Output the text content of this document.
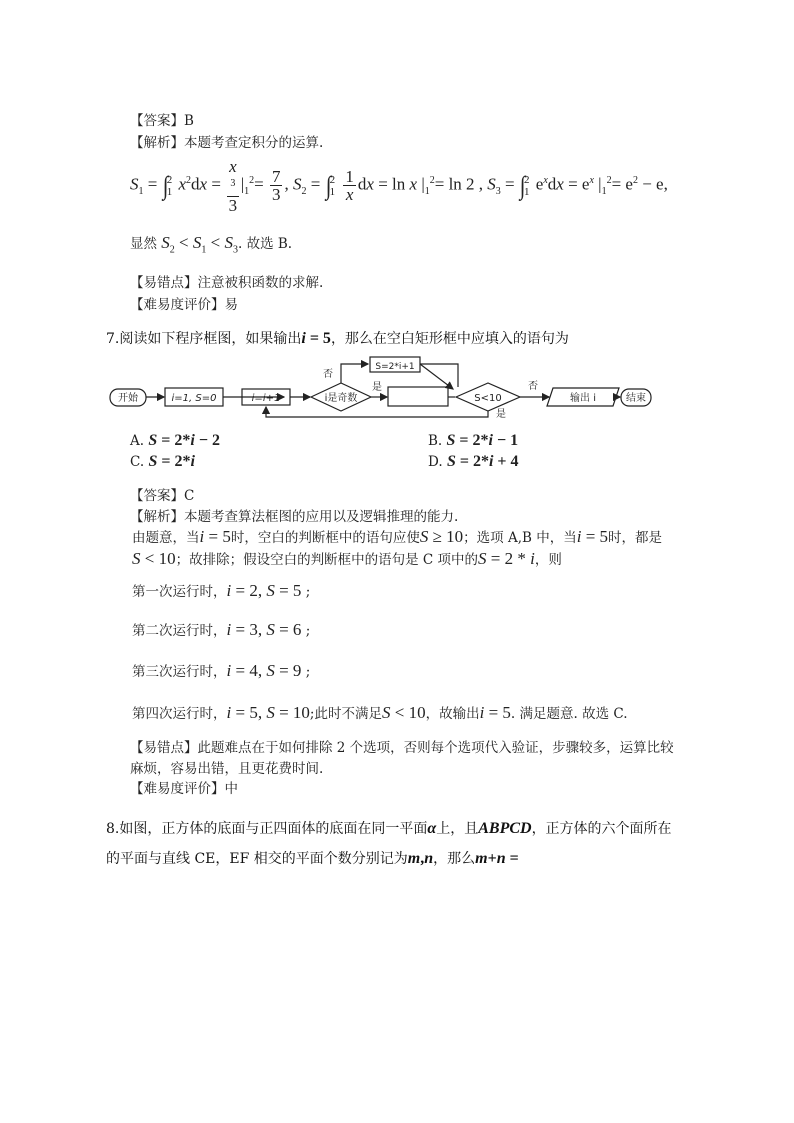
【答案】B
【解析】本题考查定积分的运算.
$S_1$ = ∫
2
1 $x^2dx = x$
$^3$
3 $|_1^2= \frac{7}{3}$ , $S_2$ = ∫
2
1
$\frac{1}{x}$ dx = ln x $|_1^2= \ln 2$ , $S_3$ = ∫
2
1 $e^xdx = e^x$ $|_1^2= e^2 - e$,
显然 $S_2 < S_1 < S_3$. 故选 B.
【易错点】注意被积函数的求解.
【难易度评价】易
7.阅读如下程序框图，如果输出i = 5，那么在空白矩形框中应填入的语句为
开始	i=1, S=0	i=i+1	i是奇数
S=2*i+1
S<10	输出 i	结束
否
是	否
是
A. S = 2*i − 2	B. S = 2*i − 1
C. S = 2*i	D. S = 2*i + 4
【答案】C
【解析】本题考查算法框图的应用以及逻辑推理的能力.
由题意，当i = 5时，空白的判断框中的语句应使S ≥ 10；选项 A,B 中，当i = 5时，都是
S < 10；故排除；假设空白的判断框中的语句是 C 项中的S = 2 * i，则
第一次运行时，i = 2, S = 5 ;
第二次运行时，i = 3, S = 6 ;
第三次运行时，i = 4, S = 9 ;
第四次运行时，i = 5, S = 10;此时不满足S < 10，故输出i = 5. 满足题意. 故选 C.
【易错点】此题难点在于如何排除 2 个选项，否则每个选项代入验证，步骤较多，运算比较
麻烦，容易出错，且更花费时间.
【难易度评价】中
8.如图，正方体的底面与正四面体的底面在同一平面α上，且ABPCD，正方体的六个面所在
的平面与直线 CE，EF 相交的平面个数分别记为m,n，那么m+n =
